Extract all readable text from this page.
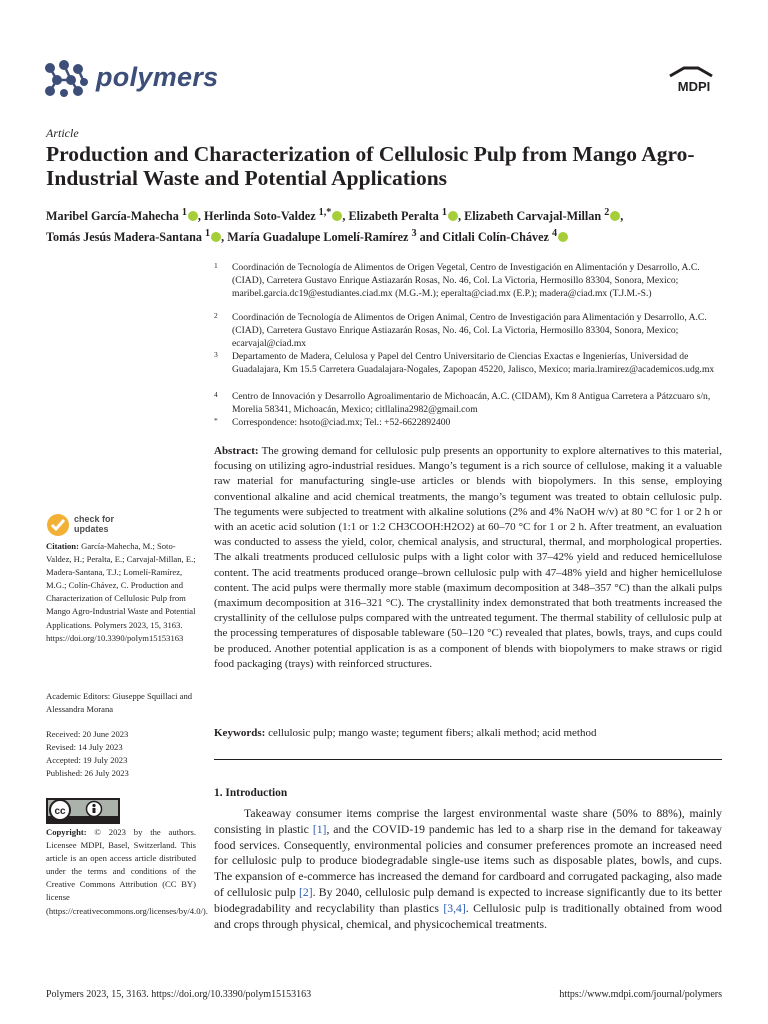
polymers	MDPI
Article
Production and Characterization of Cellulosic Pulp from Mango Agro-Industrial Waste and Potential Applications
Maribel García-Mahecha $^1$ , Herlinda Soto-Valdez $^{1,*}$ , Elizabeth Peralta $^1$ , Elizabeth Carvajal-Millan $^2$ ,
Tomás Jesús Madera-Santana $^1$ , María Guadalupe Lomelí-Ramírez $^3$ and Citlali Colín-Chávez $^4$
1 Coordinación de Tecnología de Alimentos de Origen Vegetal, Centro de Investigación en Alimentación y Desarrollo, A.C. (CIAD), Carretera Gustavo Enrique Astiazarán Rosas, No. 46, Col. La Victoria, Hermosillo 83304, Sonora, Mexico; maribel.garcia.dc19@estudiantes.ciad.mx (M.G.-M.); eperalta@ciad.mx (E.P.); madera@ciad.mx (T.J.M.-S.)
2 Coordinación de Tecnología de Alimentos de Origen Animal, Centro de Investigación para Alimentación y Desarrollo, A.C. (CIAD), Carretera Gustavo Enrique Astiazarán Rosas, No. 46, Col. La Victoria, Hermosillo 83304, Sonora, Mexico; ecarvajal@ciad.mx
3 Departamento de Madera, Celulosa y Papel del Centro Universitario de Ciencias Exactas e Ingenierías, Universidad de Guadalajara, Km 15.5 Carretera Guadalajara-Nogales, Zapopan 45220, Jalisco, Mexico; maria.lramirez@academicos.udg.mx
4 Centro de Innovación y Desarrollo Agroalimentario de Michoacán, A.C. (CIDAM), Km 8 Antigua Carretera a Pátzcuaro s/n, Morelia 58341, Michoacán, Mexico; citllalina2982@gmail.com
* Correspondence: hsoto@ciad.mx; Tel.: +52-6622892400
Abstract: The growing demand for cellulosic pulp presents an opportunity to explore alternatives to this material, focusing on utilizing agro-industrial residues. Mango’s tegument is a rich source of cellulose, making it a valuable raw material for manufacturing single-use articles or blends with biopolymers. In this sense, employing conventional alkaline and acid chemical treatments, the mango’s tegument was treated to obtain cellulosic pulp. The teguments were subjected to treatment with alkaline solutions (2% and 4% NaOH w/v) at 80 °C for 1 or 2 h or with an acetic acid solution (1:1 or 1:2 CH3COOH:H2O2) at 60–70 °C for 1 or 2 h. After treatment, an evaluation was conducted to assess the yield, color, chemical analysis, and structural, thermal, and morphological properties. The alkali treatments produced cellulosic pulps with a light color with 37–42% yield and reduced hemicellulose content. The acid treatments produced orange–brown cellulosic pulp with 47–48% yield and higher hemicellulose content. The acid pulps were thermally more stable (maximum decomposition at 348–357 °C) than the alkali pulps (maximum decomposition at 316–321 °C). The crystallinity index demonstrated that both treatments increased the crystallinity of the cellulose pulps compared with the untreated tegument. The thermal stability of cellulosic pulp at the processing temperatures of disposable tableware (50–120 °C) revealed that plates, bowls, trays, and cups could be produced. Another potential application is as a component of blends with biopolymers to make straws or rigid food packaging (trays) with reinforced structures.
Keywords: cellulosic pulp; mango waste; tegument fibers; alkali method; acid method
1. Introduction
Takeaway consumer items comprise the largest environmental waste share (50% to 88%), mainly consisting in plastic [1], and the COVID-19 pandemic has led to a sharp rise in the demand for takeaway food services. Consequently, environmental policies and consumer preferences promote an increased need for cellulosic pulp to produce biodegradable single-use items such as disposable plates, bowls, and cups. The expansion of e-commerce has increased the demand for cardboard and corrugated packaging, also made of cellulosic pulp [2]. By 2040, cellulosic pulp demand is expected to increase significantly due to its better biodegradability and recyclability than plastics [3,4]. Cellulosic pulp is traditionally obtained from wood and crops through physical, chemical, and physicochemical treatments.
check for updates
Citation: García-Mahecha, M.; Soto-Valdez, H.; Peralta, E.; Carvajal-Millan, E.; Madera-Santana, T.J.; Lomelí-Ramírez, M.G.; Colín-Chávez, C. Production and Characterization of Cellulosic Pulp from Mango Agro-Industrial Waste and Potential Applications. Polymers 2023, 15, 3163. https://doi.org/10.3390/polym15153163
Academic Editors: Giuseppe Squillaci and Alessandra Morana
Received: 20 June 2023
Revised: 14 July 2023
Accepted: 19 July 2023
Published: 26 July 2023
cc
Copyright: © 2023 by the authors. Licensee MDPI, Basel, Switzerland. This article is an open access article distributed under the terms and conditions of the Creative Commons Attribution (CC BY) license (https://creativecommons.org/licenses/by/4.0/).
Polymers 2023, 15, 3163. https://doi.org/10.3390/polym15153163	https://www.mdpi.com/journal/polymers
